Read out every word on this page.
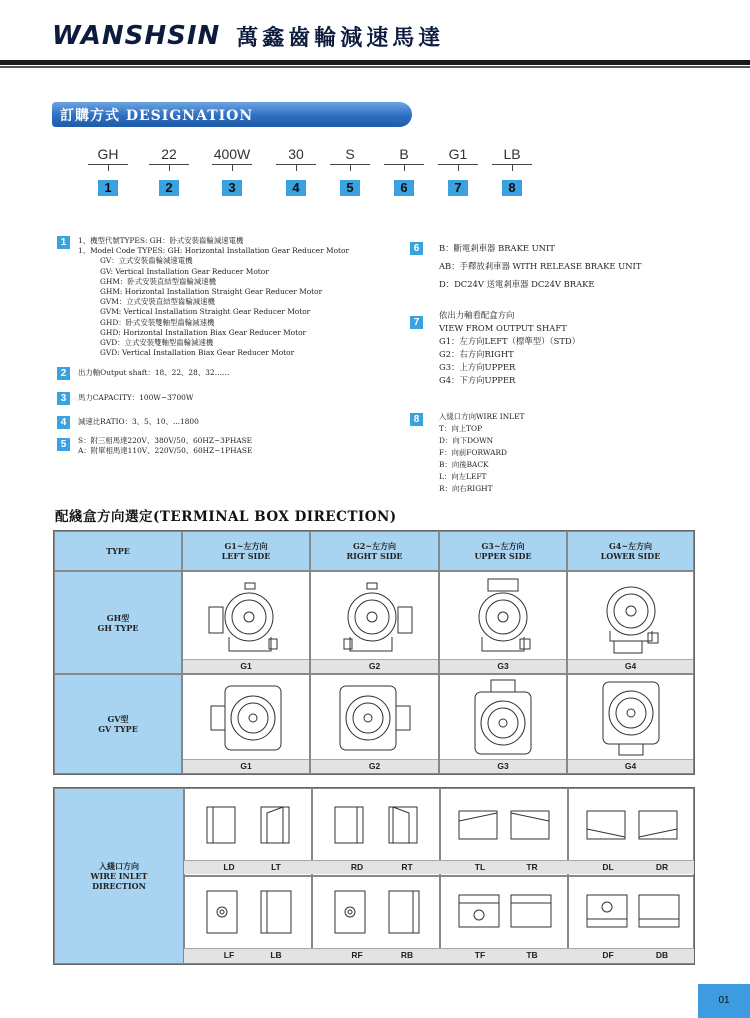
WANSHSIN 萬鑫齒輪減速馬達
訂購方式 DESIGNATION
GH
1
22
2
400W
3
30
4
S
5
B
6
G1
7
LB
8
1	1、機型代號TYPES: GH：卧式安裝齒輪減速電機
1、Model Code TYPES: GH: Horizontal Installation Gear Reducer Motor
GV：立式安裝齒輪減速電機
GV: Vertical Installation Gear Reducer Motor
GHM：卧式安裝直結型齒輪減速機
GHM: Horizontal Installation Straight Gear Reducer Motor
GVM：立式安裝直結型齒輪減速機
GVM: Vertical Installation Straight Gear Reducer Motor
GHD：卧式安裝雙軸型齒輪減速機
GHD: Horizontal Installation Biax Gear Reducer Motor
GVD：立式安裝雙軸型齒輪減速機
GVD: Vertical Installation Biax Gear Reducer Motor
2	出力軸Output shaft：18、22、28、32……
3	馬力CAPACITY：100W~3700W
4	減速比RATIO：3、5、10、...1800
5	S：附三相馬達220V、380V/50、60HZ~3PHASE
A：附單相馬達110V、220V/50、60HZ~1PHASE
6	B：斷電剎車器 BRAKE UNIT
AB：手釋放剎車器 WITH RELEASE BRAKE UNIT
D：DC24V 送電剎車器 DC24V BRAKE
7
依出力軸看配盒方向
VIEW FROM OUTPUT SHAFT
G1：左方向LEFT（標準型）（STD）
G2：右方向RIGHT
G3：上方向UPPER
G4：下方向UPPER
8	入綫口方向WIRE INLET
T：向上TOP
D：向下DOWN
F：向前FORWARD
B：向後BACK
L：向左LEFT
R：向右RIGHT
配綫盒方向選定(TERMINAL BOX DIRECTION)
TYPE	G1~左方向
LEFT SIDE
G2~左方向
RIGHT SIDE
G3~左方向
UPPER SIDE
G4~左方向
LOWER SIDE
GH型
GH TYPE
G1	G2	G3	G4
GV型
GV TYPE
G1	G2	G3	G4
入綫口方向
WIRE INLET
DIRECTION
LD	LT	RD	RT	TL	TR	DL	DR
LF	LB	RF	RB	TF	TB	DF	DB
01
